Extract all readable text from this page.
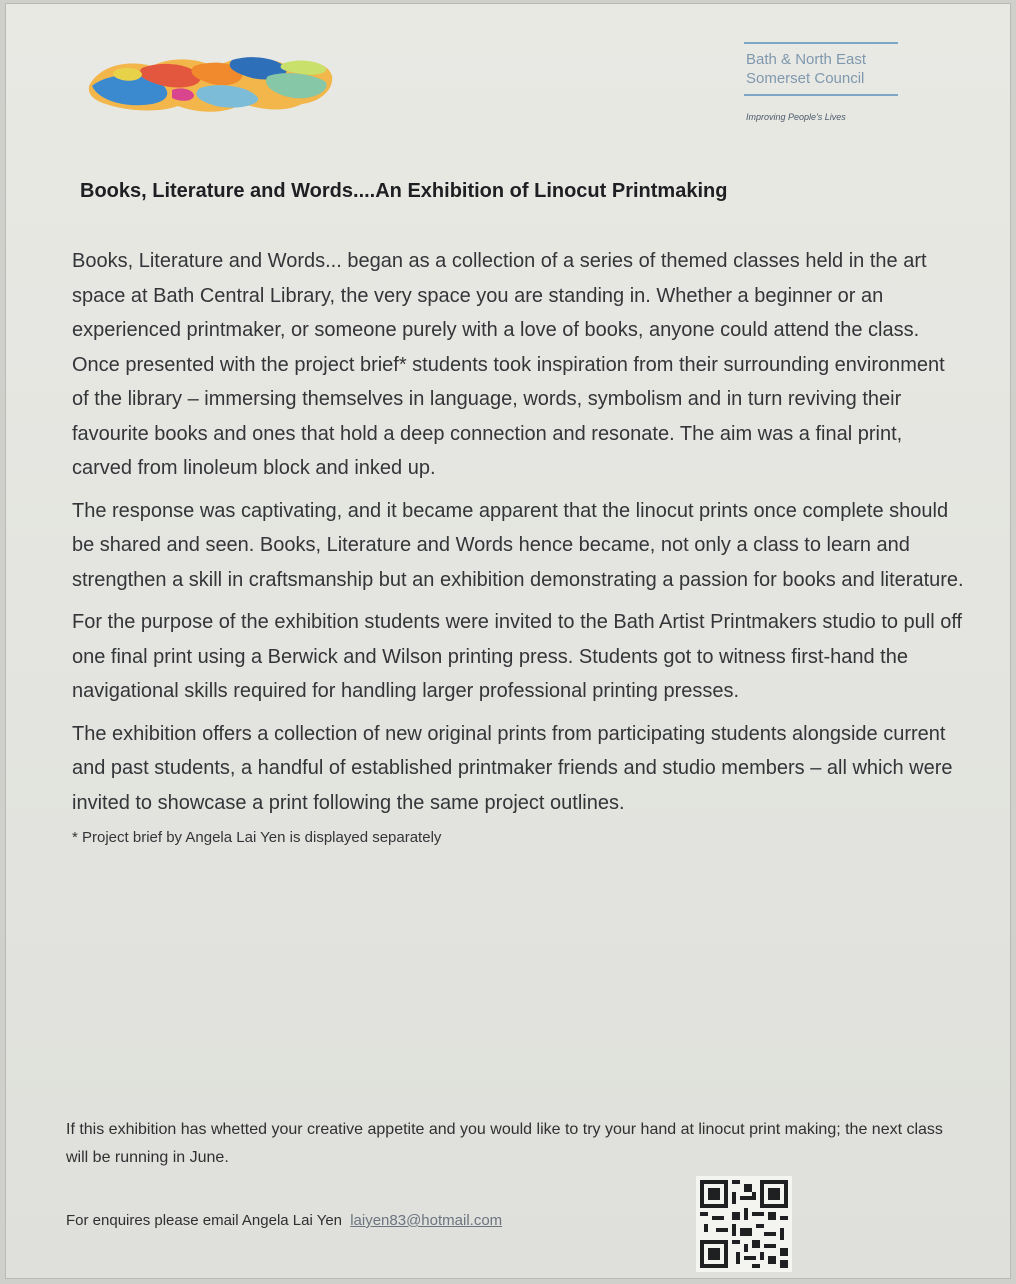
Bath & North East
Somerset Council
Improving People's Lives
Books, Literature and Words....An Exhibition of Linocut Printmaking

Books, Literature and Words... began as a collection of a series of themed classes held in the art space at Bath Central Library, the very space you are standing in. Whether a beginner or an experienced printmaker, or someone purely with a love of books, anyone could attend the class. Once presented with the project brief* students took inspiration from their surrounding environment of the library – immersing themselves in language, words, symbolism and in turn reviving their favourite books and ones that hold a deep connection and resonate. The aim was a final print, carved from linoleum block and inked up.

The response was captivating, and it became apparent that the linocut prints once complete should be shared and seen. Books, Literature and Words hence became, not only a class to learn and strengthen a skill in craftsmanship but an exhibition demonstrating a passion for books and literature.

For the purpose of the exhibition students were invited to the Bath Artist Printmakers studio to pull off one final print using a Berwick and Wilson printing press. Students got to witness first-hand the navigational skills required for handling larger professional printing presses.

The exhibition offers a collection of new original prints from participating students alongside current and past students, a handful of established printmaker friends and studio members – all which were invited to showcase a print following the same project outlines.

* Project brief by Angela Lai Yen is displayed separately
If this exhibition has whetted your creative appetite and you would like to try your hand at linocut print making; the next class will be running in June.
For enquires please email Angela Lai Yen laiyen83@hotmail.com
